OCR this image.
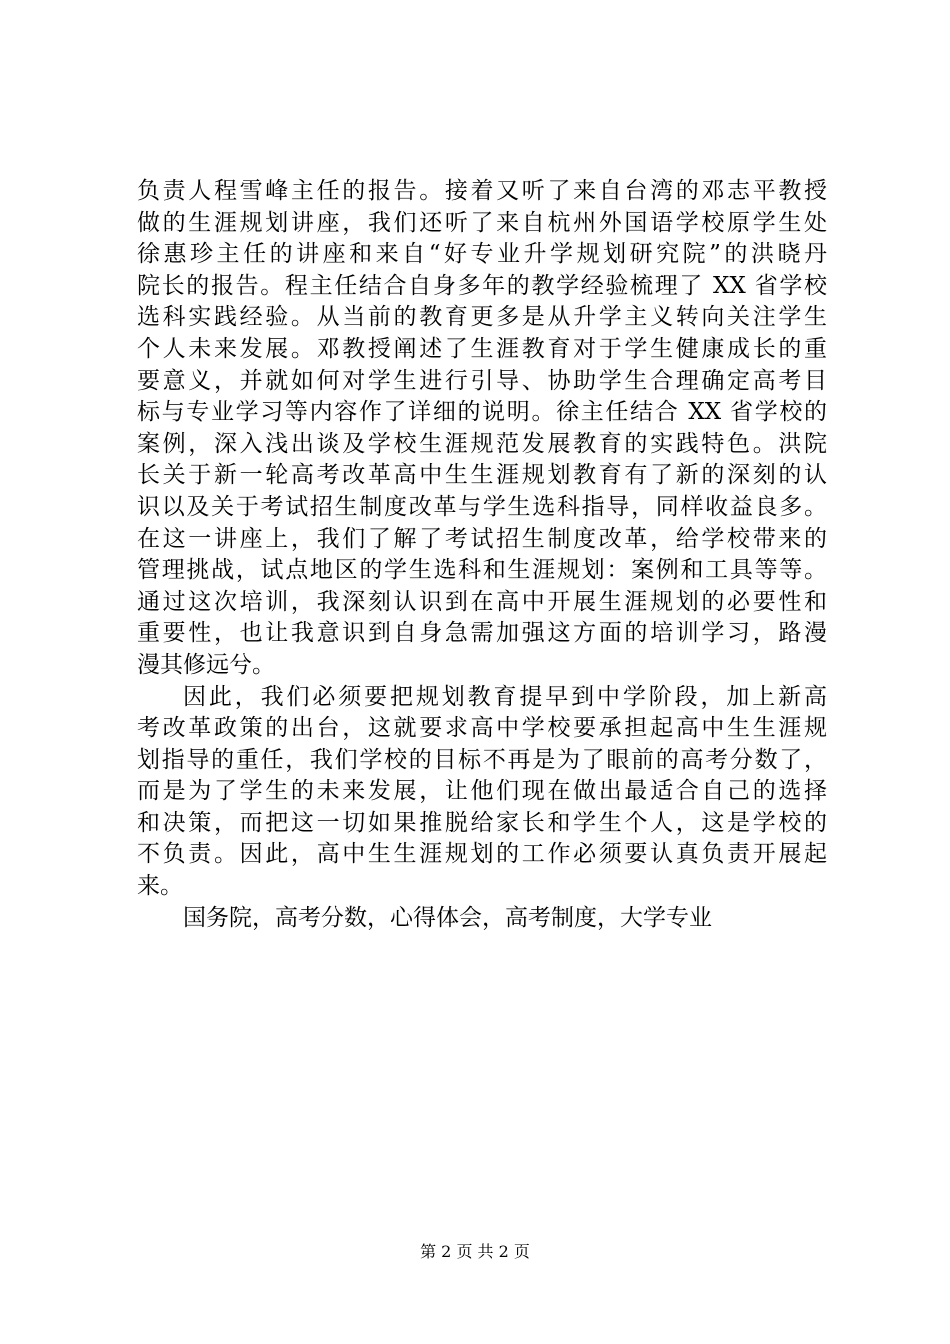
负责人程雪峰主任的报告。接着又听了来自台湾的邓志平教授
做的生涯规划讲座，我们还听了来自杭州外国语学校原学生处
徐惠珍主任的讲座和来自“好专业升学规划研究院”的洪晓丹
院长的报告。程主任结合自身多年的教学经验梳理了 XX 省学校
选科实践经验。从当前的教育更多是从升学主义转向关注学生
个人未来发展。邓教授阐述了生涯教育对于学生健康成长的重
要意义，并就如何对学生进行引导、协助学生合理确定高考目
标与专业学习等内容作了详细的说明。徐主任结合 XX 省学校的
案例，深入浅出谈及学校生涯规范发展教育的实践特色。洪院
长关于新一轮高考改革高中生生涯规划教育有了新的深刻的认
识以及关于考试招生制度改革与学生选科指导，同样收益良多。
在这一讲座上，我们了解了考试招生制度改革，给学校带来的
管理挑战，试点地区的学生选科和生涯规划：案例和工具等等。
通过这次培训，我深刻认识到在高中开展生涯规划的必要性和
重要性，也让我意识到自身急需加强这方面的培训学习，路漫
漫其修远兮。
因此，我们必须要把规划教育提早到中学阶段，加上新高
考改革政策的出台，这就要求高中学校要承担起高中生生涯规
划指导的重任，我们学校的目标不再是为了眼前的高考分数了，
而是为了学生的未来发展，让他们现在做出最适合自己的选择
和决策，而把这一切如果推脱给家长和学生个人，这是学校的
不负责。因此，高中生生涯规划的工作必须要认真负责开展起
来。
国务院，高考分数，心得体会，高考制度，大学专业
第 2 页 共 2 页
